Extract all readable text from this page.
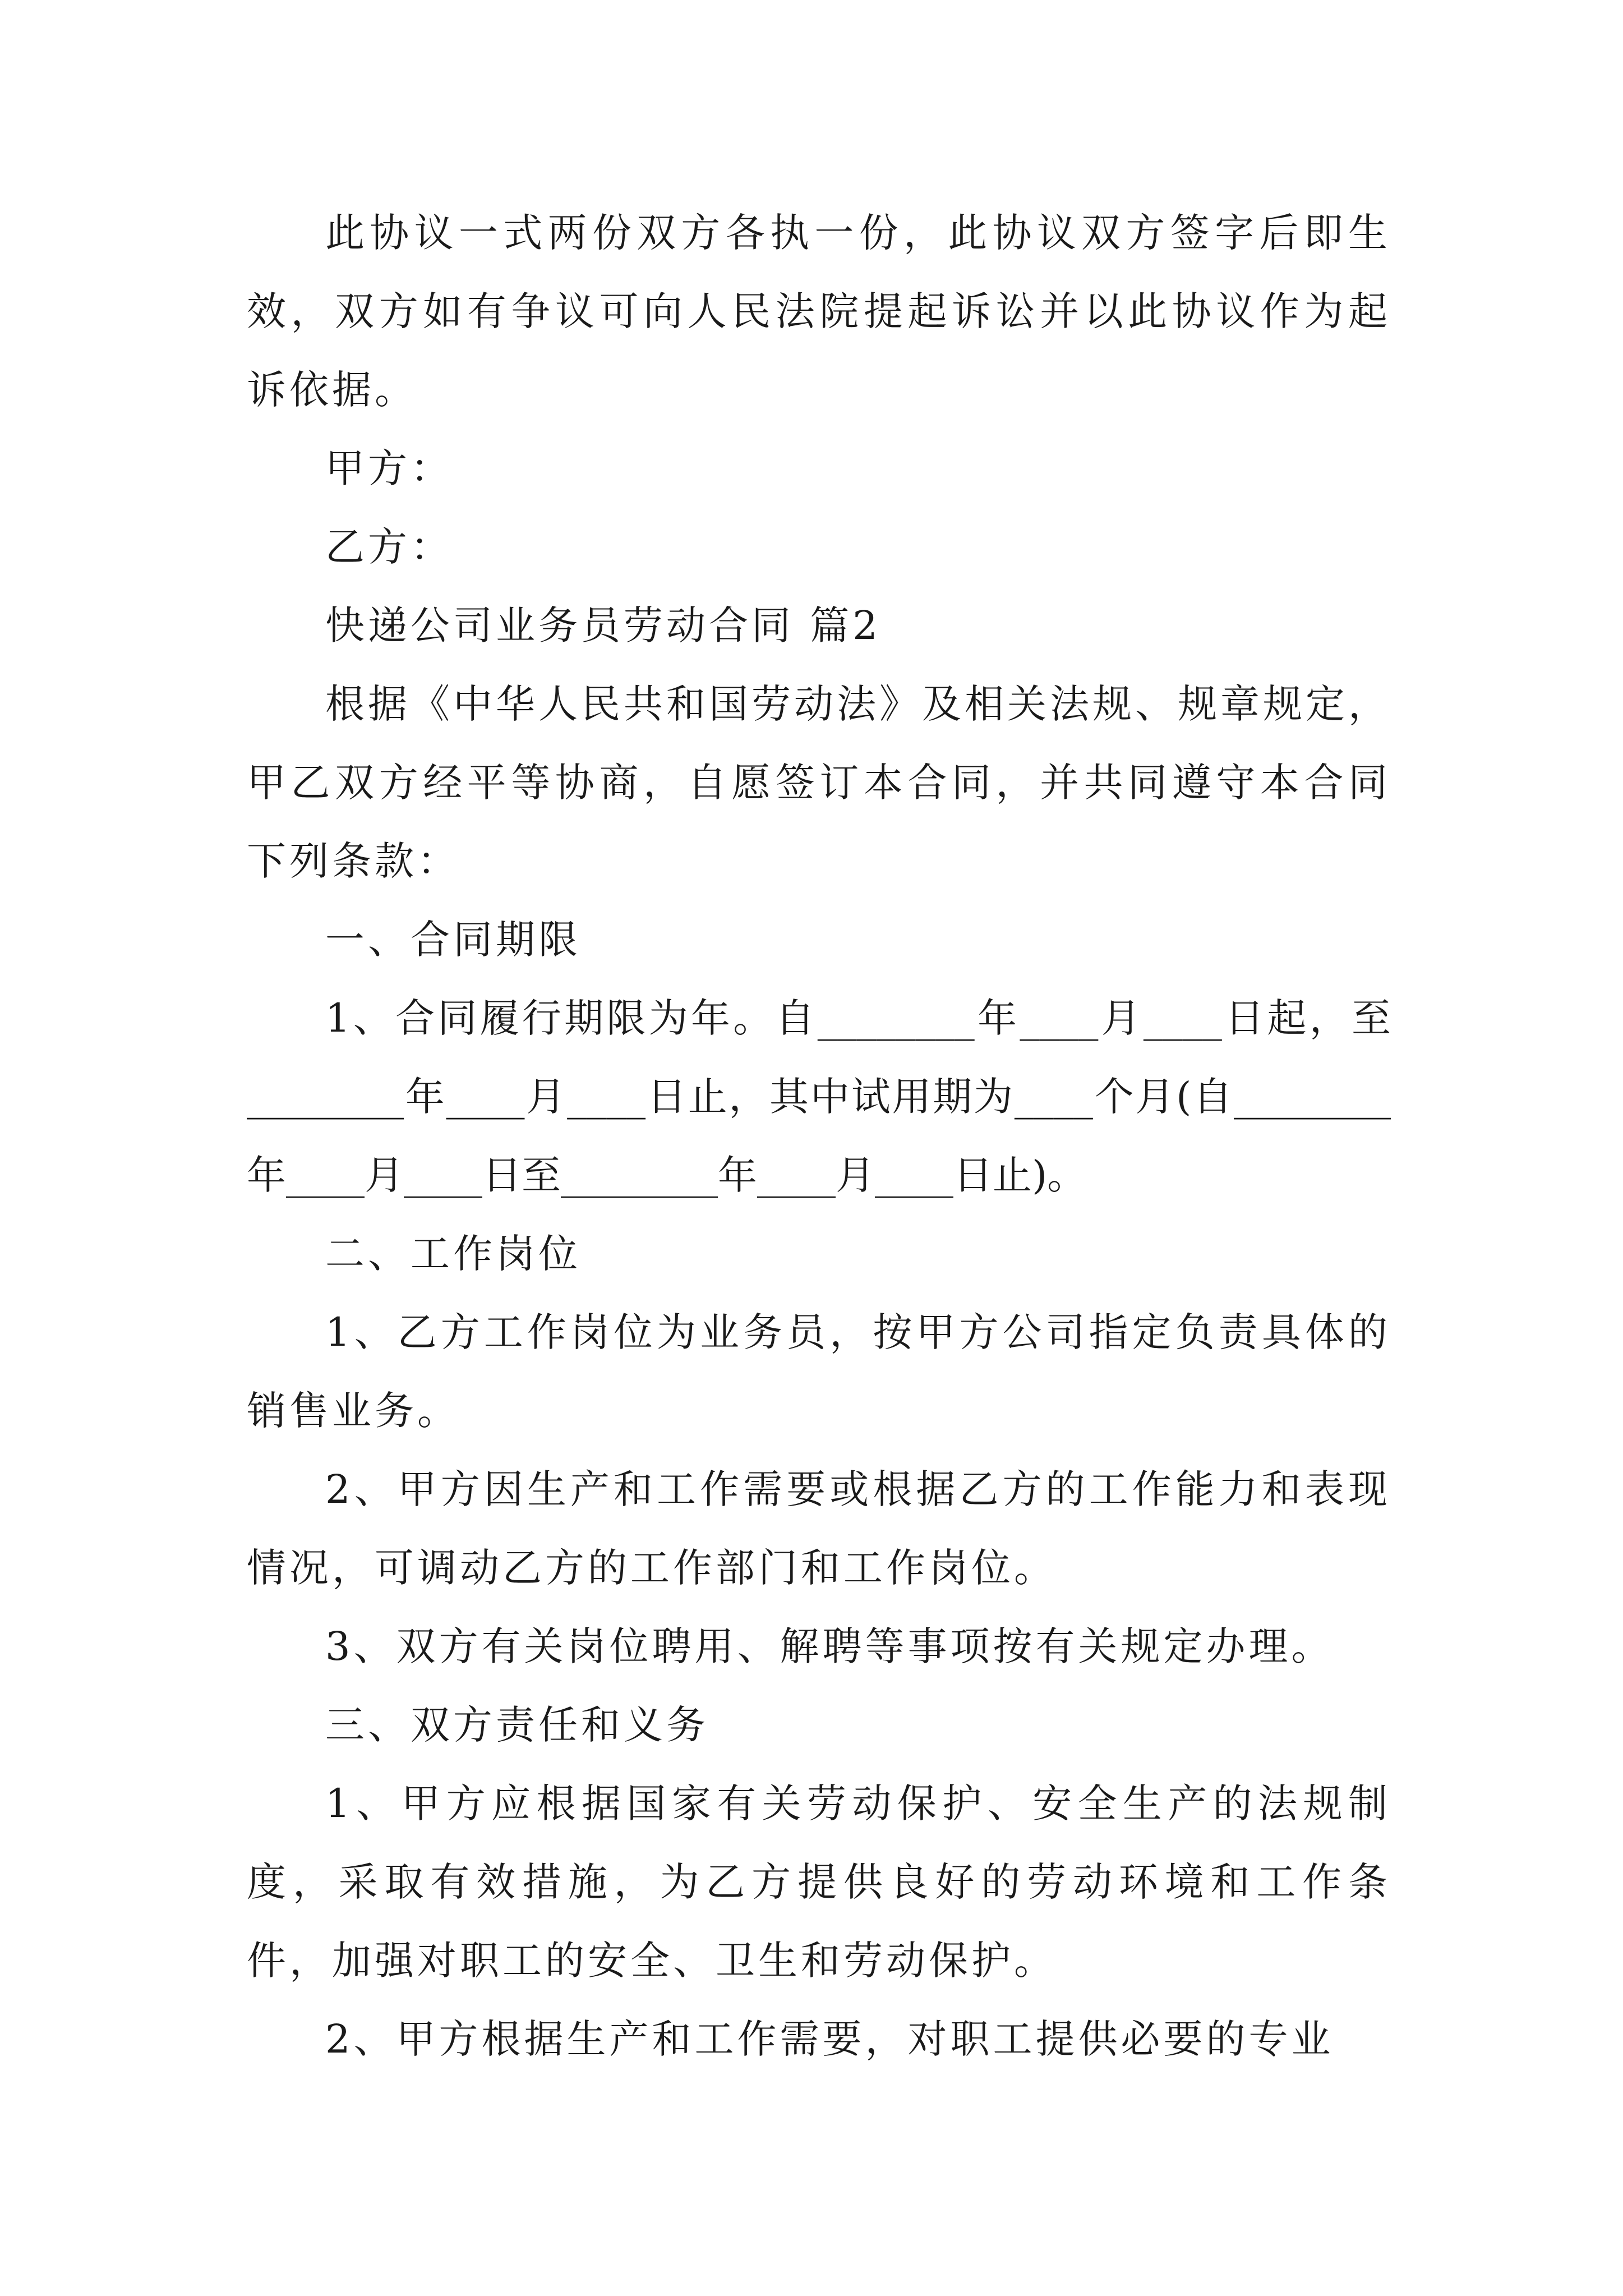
此协议一式两份双方各执一份，此协议双方签字后即生效，双方如有争议可向人民法院提起诉讼并以此协议作为起诉依据。

甲方：

乙方：

快递公司业务员劳动合同 篇2

根据《中华人民共和国劳动法》及相关法规、规章规定，甲乙双方经平等协商，自愿签订本合同，并共同遵守本合同下列条款：

一、合同期限

1、合同履行期限为年。自________年____月____日起，至________年____月____日止，其中试用期为____个月(自________年____月____日至________年____月____日止)。

二、工作岗位

1、乙方工作岗位为业务员，按甲方公司指定负责具体的销售业务。

2、甲方因生产和工作需要或根据乙方的工作能力和表现情况，可调动乙方的工作部门和工作岗位。

3、双方有关岗位聘用、解聘等事项按有关规定办理。

三、双方责任和义务

1、甲方应根据国家有关劳动保护、安全生产的法规制度，采取有效措施，为乙方提供良好的劳动环境和工作条件，加强对职工的安全、卫生和劳动保护。

2、甲方根据生产和工作需要，对职工提供必要的专业
